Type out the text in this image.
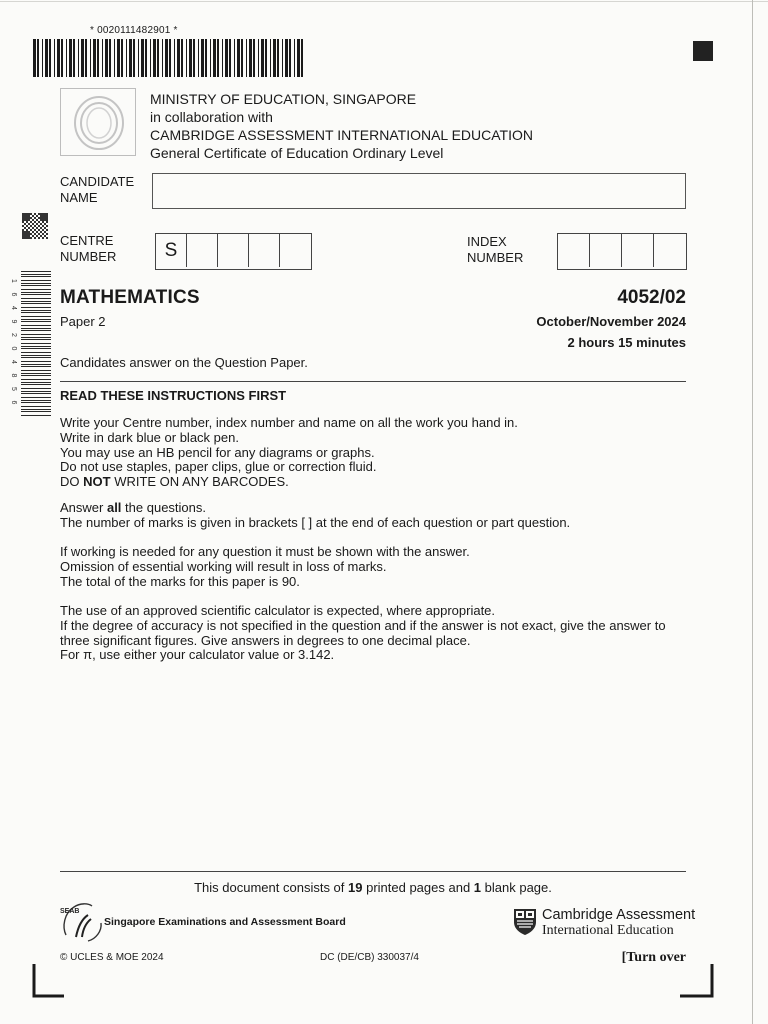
* 0020111482901 *
MINISTRY OF EDUCATION, SINGAPORE
in collaboration with
CAMBRIDGE ASSESSMENT INTERNATIONAL EDUCATION
General Certificate of Education Ordinary Level
CANDIDATE
NAME
CENTRE
NUMBER	S	INDEX
NUMBER
1
6
4
9
2
0
4
8
5
6
MATHEMATICS	4052/02
Paper 2	October/November 2024
2 hours 15 minutes
Candidates answer on the Question Paper.
READ THESE INSTRUCTIONS FIRST
Write your Centre number, index number and name on all the work you hand in.
Write in dark blue or black pen.
You may use an HB pencil for any diagrams or graphs.
Do not use staples, paper clips, glue or correction fluid.
DO NOT WRITE ON ANY BARCODES.
Answer all the questions.
The number of marks is given in brackets [ ] at the end of each question or part question.
If working is needed for any question it must be shown with the answer.
Omission of essential working will result in loss of marks.
The total of the marks for this paper is 90.
The use of an approved scientific calculator is expected, where appropriate.
If the degree of accuracy is not specified in the question and if the answer is not exact, give the answer to
three significant figures. Give answers in degrees to one decimal place.
For π, use either your calculator value or 3.142.
This document consists of 19 printed pages and 1 blank page.
SEAB
Singapore Examinations and Assessment Board	Cambridge Assessment
International Education
© UCLES & MOE 2024	DC (DE/CB) 330037/4	[Turn over
